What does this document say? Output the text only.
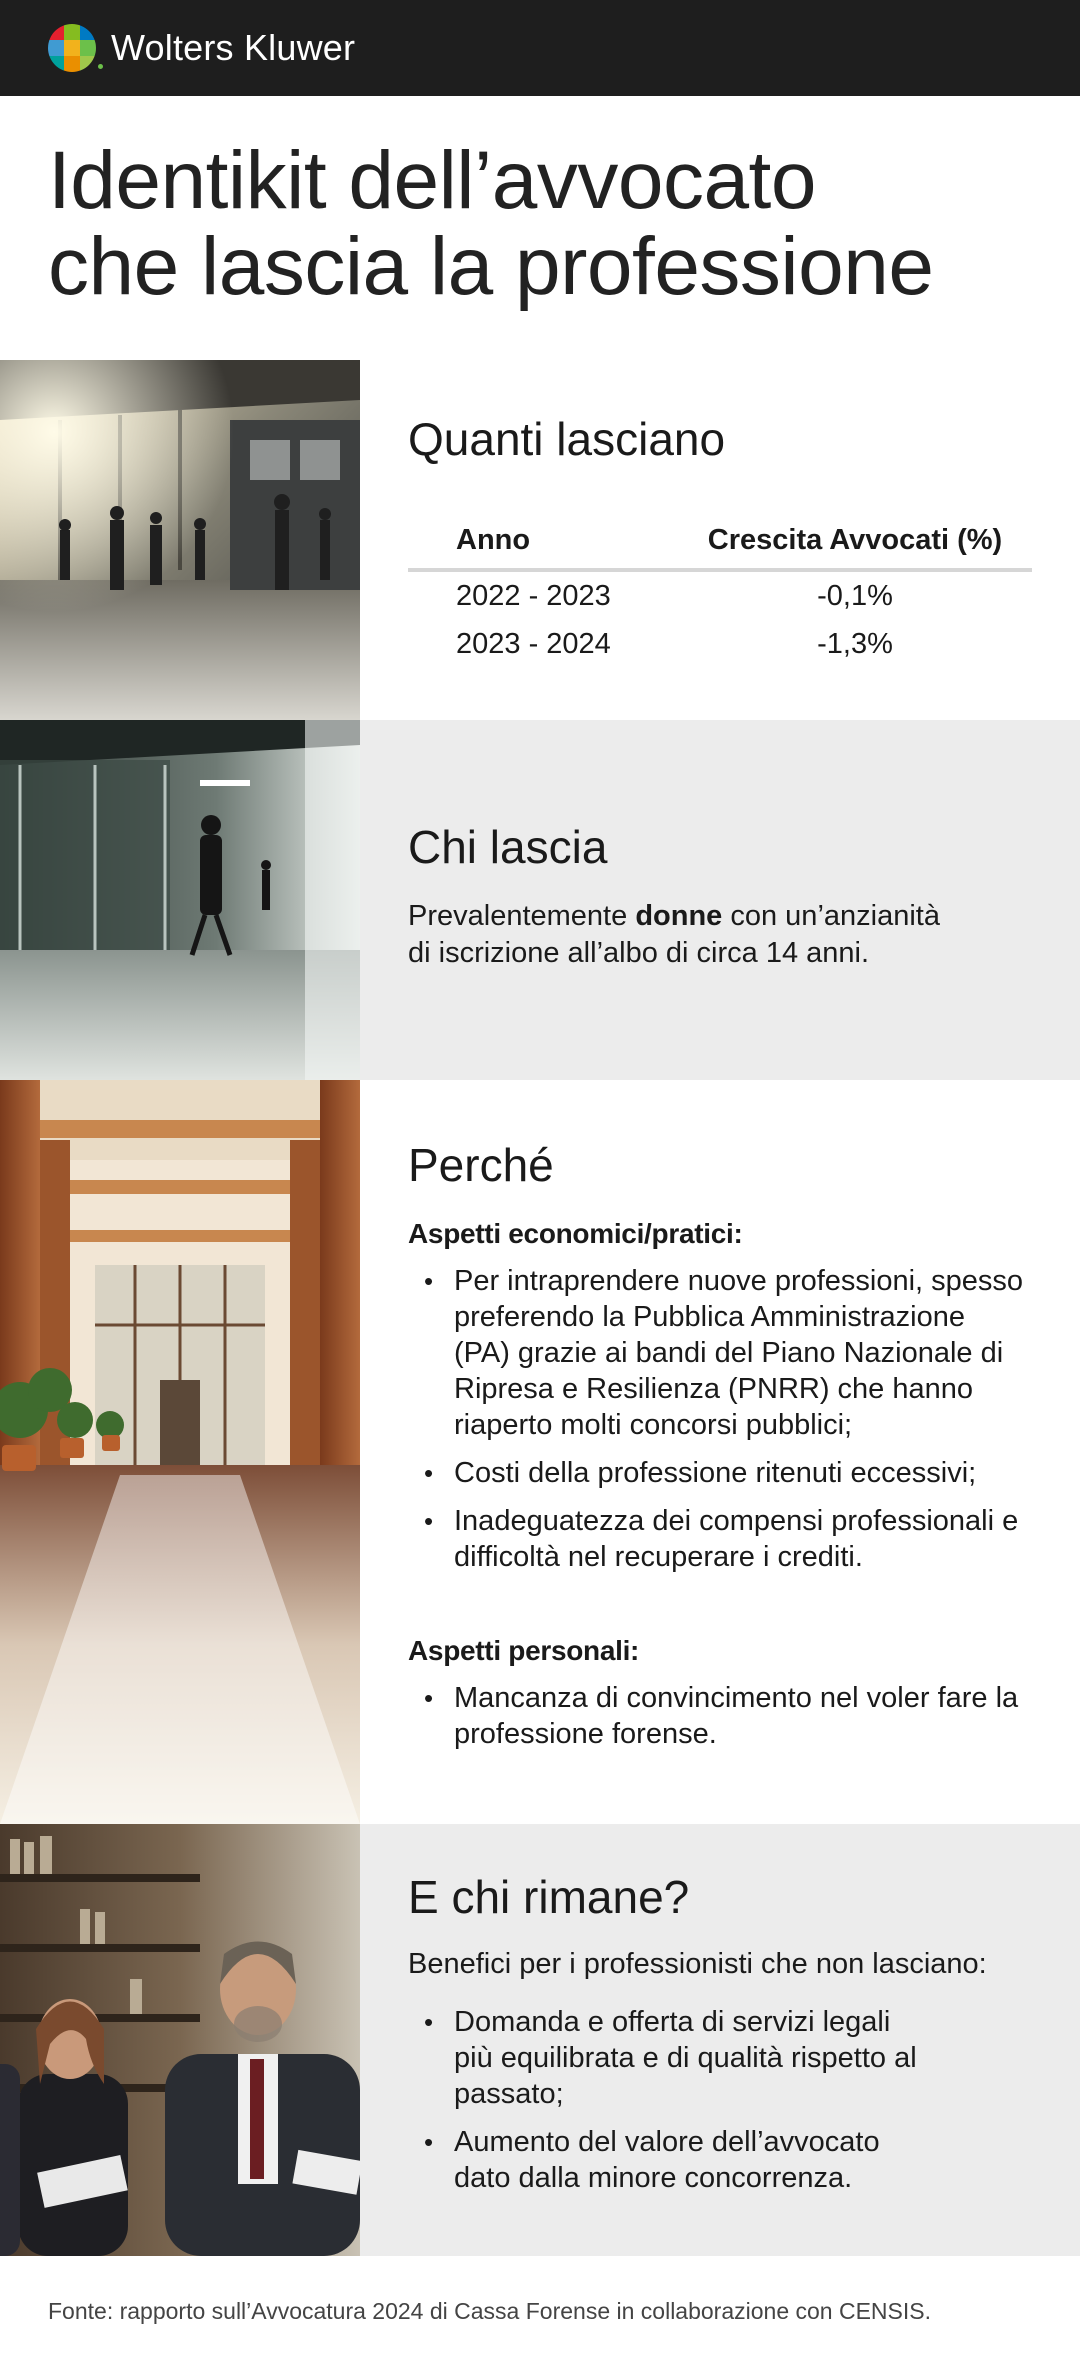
Wolters Kluwer
Identikit dell’avvocato
che lascia la professione
Quanti lasciano
Anno	Crescita Avvocati (%)
2022 - 2023	-0,1%
2023 - 2024	-1,3%
Chi lascia
Prevalentemente donne con un’anzianità
di iscrizione all’albo di circa 14 anni.
Perché
Aspetti economici/pratici:
• Per intraprendere nuove professioni, spesso preferendo la Pubblica Amministrazione (PA) grazie ai bandi del Piano Nazionale di Ripresa e Resilienza (PNRR) che hanno riaperto molti concorsi pubblici;
• Costi della professione ritenuti eccessivi;
• Inadeguatezza dei compensi professionali e difficoltà nel recuperare i crediti.
Aspetti personali:
• Mancanza di convincimento nel voler fare la professione forense.
E chi rimane?
Benefici per i professionisti che non lasciano:
• Domanda e offerta di servizi legali più equilibrata e di qualità rispetto al passato;
• Aumento del valore dell’avvocato dato dalla minore concorrenza.
Fonte: rapporto sull’Avvocatura 2024 di Cassa Forense in collaborazione con CENSIS.
